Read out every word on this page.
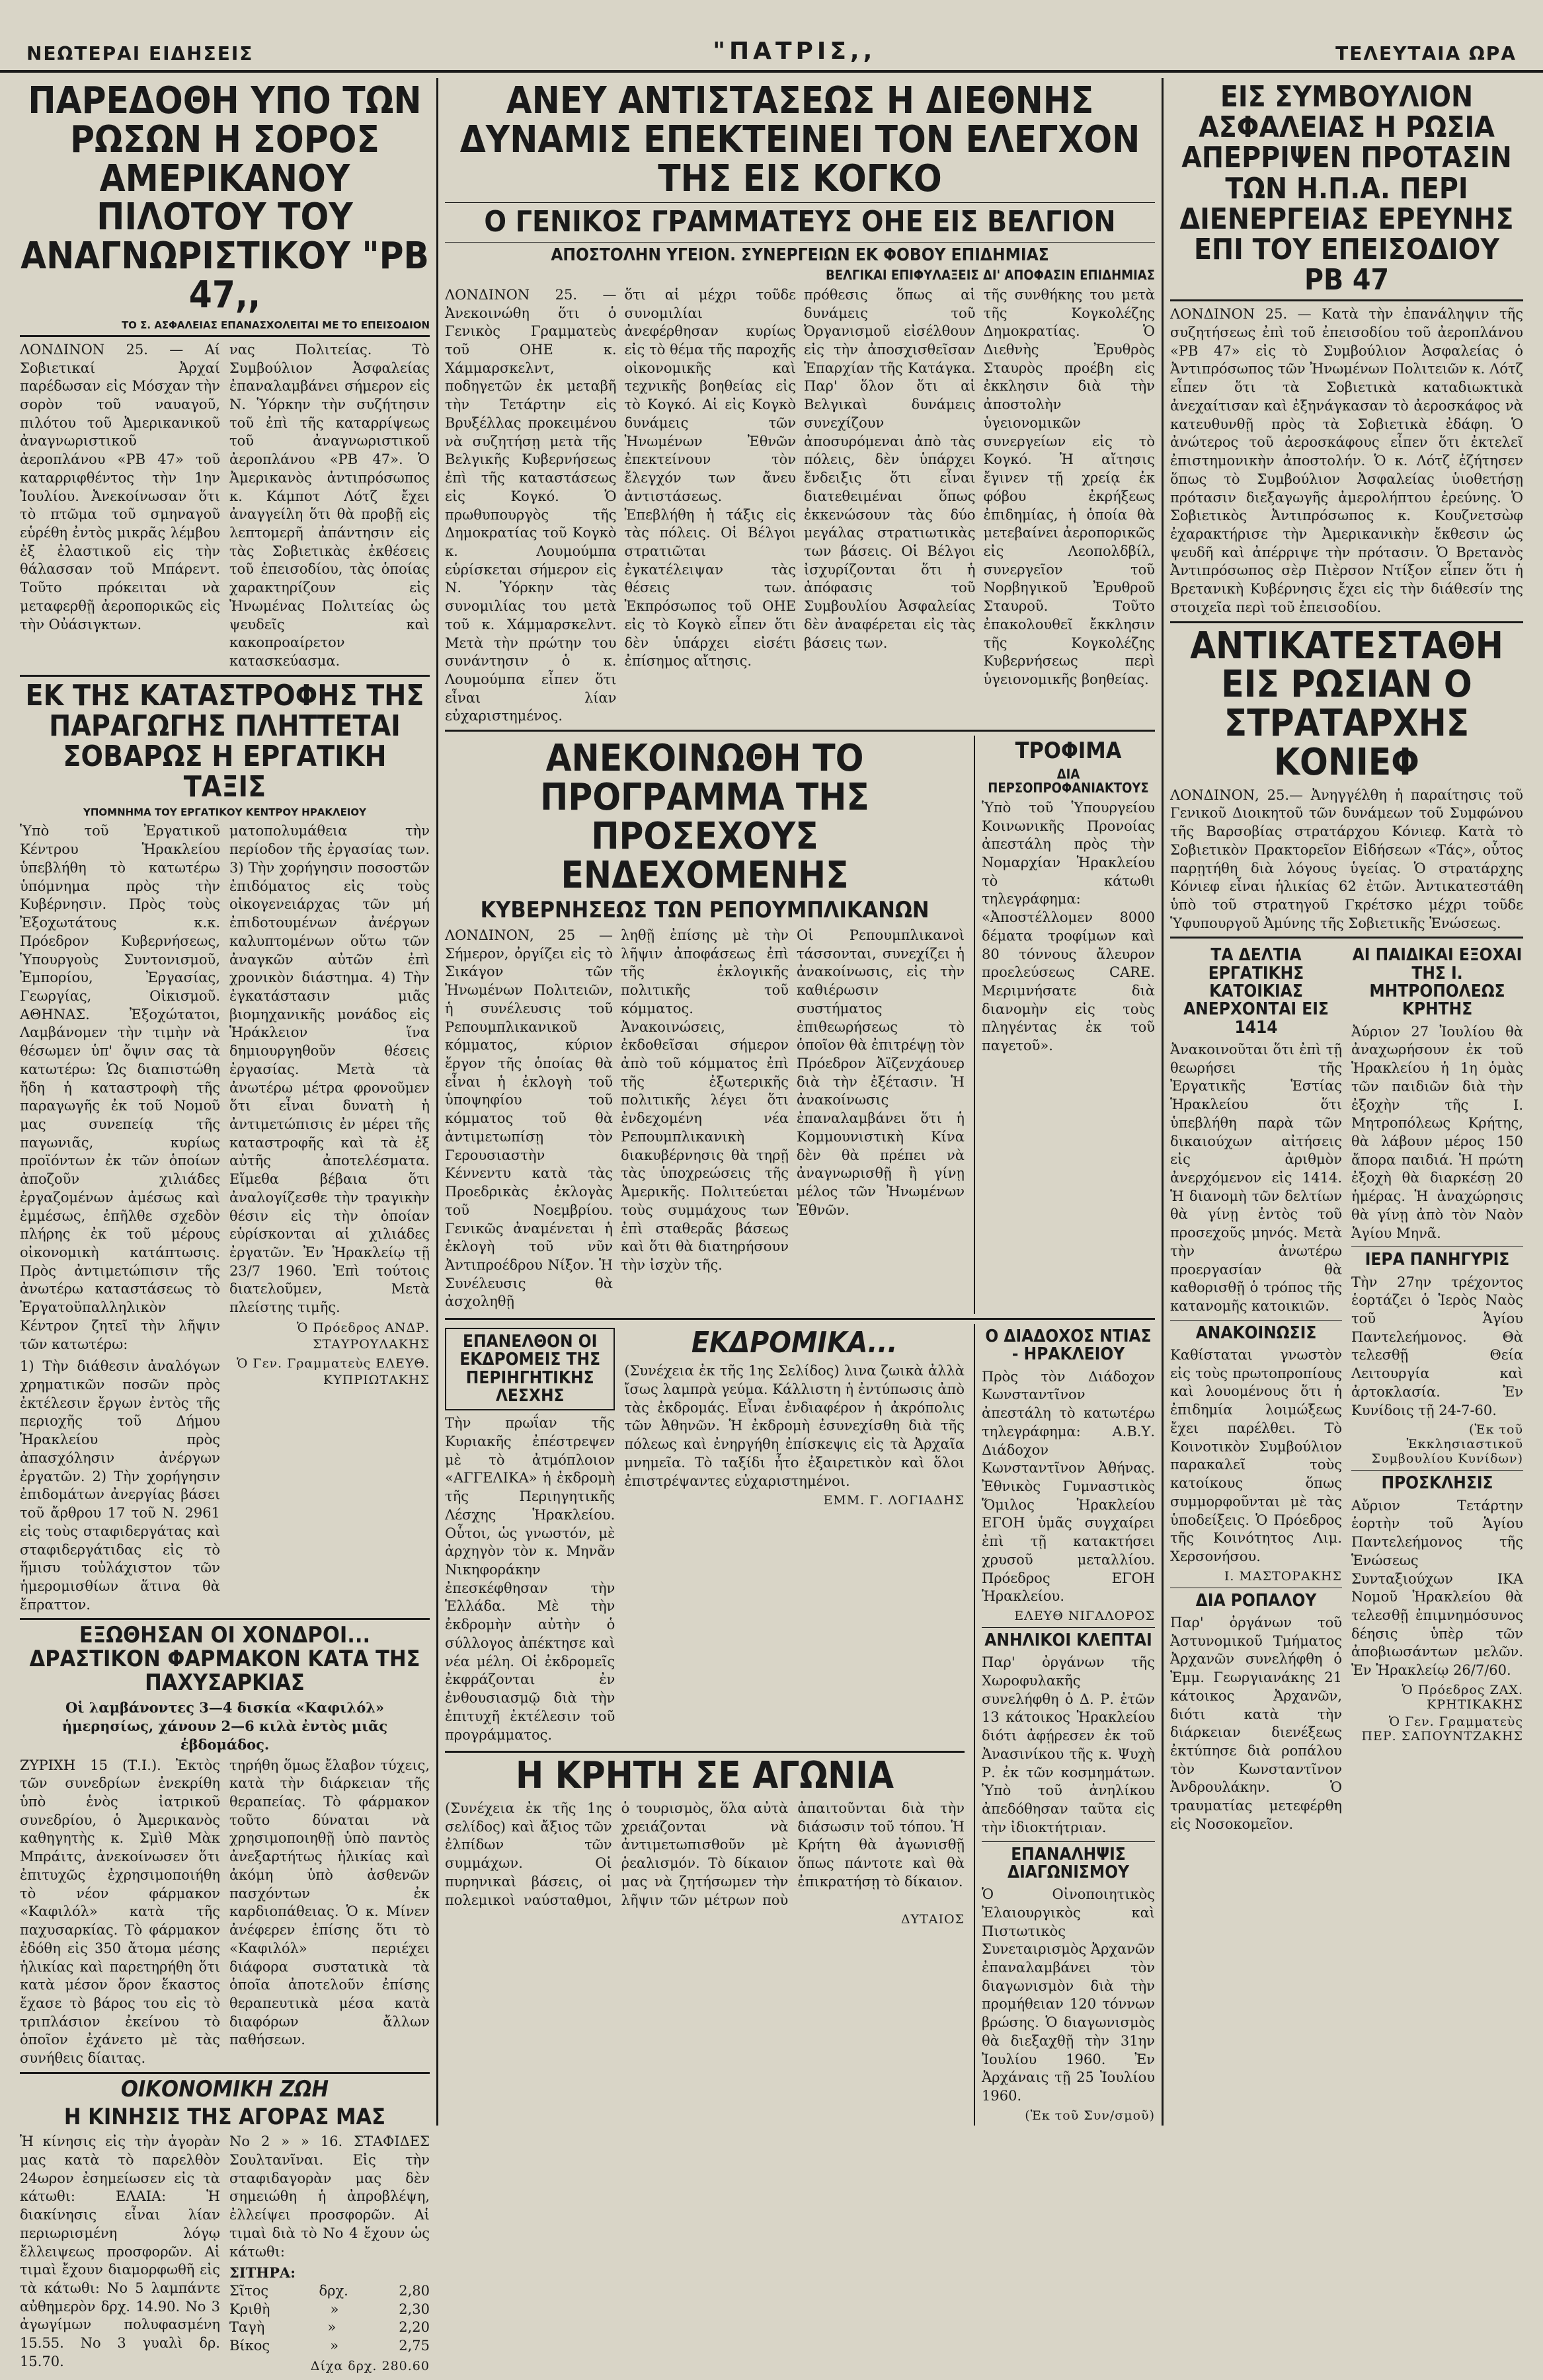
ΝΕΩΤΕΡΑΙ ΕΙΔΗΣΕΙΣ	"ΠΑΤΡΙΣ,,	ΤΕΛΕΥΤΑΙΑ ΩΡΑ
ΠΑΡΕΔΟΘΗ ΥΠΟ ΤΩΝ ΡΩΣΩΝ Η ΣΟΡΟΣ ΑΜΕΡΙΚΑΝΟΥ ΠΙΛΟΤΟΥ ΤΟΥ ΑΝΑΓΝΩΡΙΣΤΙΚΟΥ "ΡΒ 47,,
ΤΟ Σ. ΑΣΦΑΛΕΙΑΣ ΕΠΑΝΑΣΧΟΛΕΙΤΑΙ ΜΕ ΤΟ ΕΠΕΙΣΟΔΙΟΝ
ΛΟΝΔΙΝΟΝ 25. — Αί Σοβιετικαί Ἀρχαί παρέδωσαν εἰς Μόσχαν τὴν σορὸν τοῦ ναυαγοῦ, πιλότου τοῦ Ἀμερικανικοῦ ἀναγνωριστικοῦ ἀεροπλάνου «ΡΒ 47» τοῦ καταρριφθέντος τὴν 1ην Ἰουλίου. Ἀνεκοίνωσαν ὅτι τὸ πτῶμα τοῦ σμηναγοῦ εὑρέθη ἐντὸς μικρᾶς λέμβου ἐξ ἐλαστικοῦ εἰς τὴν θάλασσαν τοῦ Μπάρεντ. Τοῦτο πρόκειται νὰ μεταφερθῇ ἀεροπορικῶς εἰς τὴν Οὐάσιγκτων.
νας Πολιτείας. Τὸ Συμβούλιον Ἀσφαλείας ἐπαναλαμβάνει σήμερον εἰς Ν. Ὑόρκην τὴν συζήτησιν τοῦ ἐπὶ τῆς καταρρίψεως τοῦ ἀναγνωριστικοῦ ἀεροπλάνου «ΡΒ 47». Ὁ Ἀμερικανὸς ἀντιπρόσωπος κ. Κάμποτ Λότζ ἔχει ἀναγγείλη ὅτι θὰ προβῇ εἰς λεπτομερῆ ἀπάντησιν εἰς τὰς Σοβιετικὰς ἐκθέσεις τοῦ ἐπεισοδίου, τὰς ὁποίας χαρακτηρίζουν εἰς Ἠνωμένας Πολιτείας ὡς ψευδεῖς καὶ κακοπροαίρετον κατασκεύασμα.
ΕΚ ΤΗΣ ΚΑΤΑΣΤΡΟΦΗΣ ΤΗΣ ΠΑΡΑΓΩΓΗΣ ΠΛΗΤΤΕΤΑΙ ΣΟΒΑΡΩΣ Η ΕΡΓΑΤΙΚΗ ΤΑΞΙΣ
ΥΠΟΜΝΗΜΑ ΤΟΥ ΕΡΓΑΤΙΚΟΥ ΚΕΝΤΡΟΥ ΗΡΑΚΛΕΙΟΥ
Ὑπὸ τοῦ Ἐργατικοῦ Κέντρου Ἡρακλείου ὑπεβλήθη τὸ κατωτέρω ὑπόμνημα πρὸς τὴν Κυβέρνησιν. Πρὸς τοὺς Ἐξοχωτάτους κ.κ. Πρόεδρον Κυβερνήσεως, Ὑπουργοὺς Συντονισμοῦ, Ἐμπορίου, Ἐργασίας, Γεωργίας, Οἰκισμοῦ. ΑΘΗΝΑΣ. Ἐξοχώτατοι, Λαμβάνομεν τὴν τιμὴν νὰ θέσωμεν ὑπ' ὄψιν σας τὰ κατωτέρω: Ὡς διαπιστώθη ἤδη ἡ καταστροφὴ τῆς παραγωγῆς ἐκ τοῦ Νομοῦ μας συνεπείᾳ τῆς παγωνιᾶς, κυρίως προϊόντων ἐκ τῶν ὁποίων ἀποζοῦν χιλιάδες ἐργαζομένων ἀμέσως καὶ ἐμμέσως, ἐπῆλθε σχεδὸν πλήρης ἐκ τοῦ μέρους οἰκονομικὴ κατάπτωσις. Πρὸς ἀντιμετώπισιν τῆς ἀνωτέρω καταστάσεως τὸ Ἐργατοϋπαλληλικὸν Κέντρον ζητεῖ τὴν λῆψιν τῶν κατωτέρω:
1) Τὴν διάθεσιν ἀναλόγων χρηματικῶν ποσῶν πρὸς ἐκτέλεσιν ἔργων ἐντὸς τῆς περιοχῆς τοῦ Δήμου Ἡρακλείου πρὸς ἀπασχόλησιν ἀνέργων ἐργατῶν. 2) Τὴν χορήγησιν ἐπιδομάτων ἀνεργίας βάσει τοῦ ἄρθρου 17 τοῦ Ν. 2961 εἰς τοὺς σταφιδεργάτας καὶ σταφιδεργάτιδας εἰς τὸ ἥμισυ τοὐλάχιστον τῶν ἡμερομισθίων ἅτινα θὰ ἔπραττον.
ματοπολυμάθεια τὴν περίοδον τῆς ἐργασίας των. 3) Τὴν χορήγησιν ποσοστῶν ἐπιδόματος εἰς τοὺς οἰκογενειάρχας τῶν μή ἐπιδοτουμένων ἀνέργων καλυπτομένων οὕτω τῶν ἀναγκῶν αὐτῶν ἐπὶ χρονικὸν διάστημα. 4) Τὴν ἐγκατάστασιν μιᾶς βιομηχανικῆς μονάδος εἰς Ἡράκλειον ἵνα δημιουργηθοῦν θέσεις ἐργασίας. Μετὰ τὰ ἀνωτέρω μέτρα φρονοῦμεν ὅτι εἶναι δυνατὴ ἡ ἀντιμετώπισις ἐν μέρει τῆς καταστροφῆς καὶ τὰ ἐξ αὐτῆς ἀποτελέσματα. Εἴμεθα βέβαια ὅτι ἀναλογίζεσθε τὴν τραγικὴν θέσιν εἰς τὴν ὁποίαν εὑρίσκονται αἱ χιλιάδες ἐργατῶν. Ἐν Ἡρακλείῳ τῇ 23/7 1960. Ἐπὶ τούτοις διατελοῦμεν, Μετὰ πλείστης τιμῆς.
Ὁ Πρόεδρος ΑΝΔΡ. ΣΤΑΥΡΟΥΛΑΚΗΣ
Ὁ Γεν. Γραμματεὺς ΕΛΕΥΘ. ΚΥΠΡΙΩΤΑΚΗΣ
ΕΞΩΘΗΣΑΝ ΟΙ ΧΟΝΔΡΟΙ... ΔΡΑΣΤΙΚΟΝ ΦΑΡΜΑΚΟΝ ΚΑΤΑ ΤΗΣ ΠΑΧΥΣΑΡΚΙΑΣ
Οἱ λαμβάνοντες 3—4 δισκία «Καφιλόλ» ἡμερησίως, χάνουν 2—6 κιλὰ ἐντὸς μιᾶς ἑβδομάδος.
ΖΥΡΙΧΗ 15 (Τ.Ι.). Ἐκτὸς τῶν συνεδρίων ἐνεκρίθη ὑπὸ ἑνὸς ἰατρικοῦ συνεδρίου, ὁ Ἀμερικανὸς καθηγητὴς κ. Σμὶθ Μὰκ Μπράιτς, ἀνεκοίνωσεν ὅτι ἐπιτυχῶς ἐχρησιμοποιήθη τὸ νέον φάρμακον «Καφιλόλ» κατὰ τῆς παχυσαρκίας. Τὸ φάρμακον ἐδόθη εἰς 350 ἄτομα μέσης ἡλικίας καὶ παρετηρήθη ὅτι κατὰ μέσον ὅρον ἕκαστος ἔχασε τὸ βάρος του εἰς τὸ τριπλάσιον ἐκείνου τὸ ὁποῖον ἐχάνετο μὲ τὰς συνήθεις δίαιτας.
τηρήθη ὅμως ἔλαβον τύχεις, κατὰ τὴν διάρκειαν τῆς θεραπείας. Τὸ φάρμακον τοῦτο δύναται νὰ χρησιμοποιηθῇ ὑπὸ παντὸς ἀνεξαρτήτως ἡλικίας καὶ ἀκόμη ὑπὸ ἀσθενῶν πασχόντων ἐκ καρδιοπάθειας. Ὁ κ. Μίνεν ἀνέφερεν ἐπίσης ὅτι τὸ «Καφιλόλ» περιέχει διάφορα συστατικὰ τὰ ὁποῖα ἀποτελοῦν ἐπίσης θεραπευτικὰ μέσα κατὰ διαφόρων ἄλλων παθήσεων.
ΟΙΚΟΝΟΜΙΚΗ ΖΩΗ
Η ΚΙΝΗΣΙΣ ΤΗΣ ΑΓΟΡΑΣ ΜΑΣ
Ἡ κίνησις εἰς τὴν ἀγορὰν μας κατὰ τὸ παρελθὸν 24ωρον ἐσημείωσεν εἰς τὰ κάτωθι: ΕΛΑΙΑ: Ἡ διακίνησις εἶναι λίαν περιωρισμένη λόγῳ ἔλλειψεως προσφορῶν. Αἱ τιμαὶ ἔχουν διαμορφωθῆ εἰς τὰ κάτωθι: Νο 5 λαμπάντε αὐθημερὸν δρχ. 14.90. Νο 3 ἀγωγίμων πολυφασμένη 15.55. Νο 3 γυαλὶ δρ. 15.70.
Νο 2 » » 16. ΣΤΑΦΙΔΕΣ Σουλτανῖναι. Εἰς τὴν σταφιδαγορὰν μας δὲν σημειώθη ἡ ἀπροβλέψη, ἐλλείψει προσφορῶν. Αἱ τιμαὶ διὰ τὸ Νο 4 ἔχουν ὡς κάτωθι:
ΣΙΤΗΡΑ:
Σῖτος	δρχ.	2,80
Κριθὴ	»	2,30
Ταγὴ	»	2,20
Βίκος	»	2,75
Δίχα δρχ. 280.60
ΑΝΕΥ ΑΝΤΙΣΤΑΣΕΩΣ Η ΔΙΕΘΝΗΣ ΔΥΝΑΜΙΣ ΕΠΕΚΤΕΙΝΕΙ ΤΟΝ ΕΛΕΓΧΟΝ ΤΗΣ ΕΙΣ ΚΟΓΚΟ
Ο ΓΕΝΙΚΟΣ ΓΡΑΜΜΑΤΕΥΣ ΟΗΕ ΕΙΣ ΒΕΛΓΙΟΝ
ΑΠΟΣΤΟΛΗΝ ΥΓΕΙΟΝ. ΣΥΝΕΡΓΕΙΩΝ ΕΚ ΦΟΒΟΥ ΕΠΙΔΗΜΙΑΣ
ΒΕΛΓΙΚΑΙ ΕΠΙΦΥΛΑΞΕΙΣ ΔΙ' ΑΠΟΦΑΣΙΝ ΕΠΙΔΗΜΙΑΣ
ΛΟΝΔΙΝΟΝ 25. — Ἀνεκοινώθη ὅτι ὁ Γενικὸς Γραμματεὺς τοῦ ΟΗΕ κ. Χάμμαρσκελντ, ποδηγετῶν ἐκ μεταβῆ τὴν Τετάρτην εἰς Βρυξέλλας προκειμένου νὰ συζητήσῃ μετὰ τῆς Βελγικῆς Κυβερνήσεως ἐπὶ τῆς καταστάσεως εἰς Κογκό. Ὁ πρωθυπουργὸς τῆς Δημοκρατίας τοῦ Κογκὸ κ. Λουμούμπα εὑρίσκεται σήμερον εἰς Ν. Ὑόρκην τὰς συνομιλίας του μετὰ τοῦ κ. Χάμμαρσκελντ. Μετὰ τὴν πρώτην του συνάντησιν ὁ κ. Λουμούμπα εἶπεν ὅτι εἶναι λίαν εὐχαριστημένος.
ὅτι αἱ μέχρι τοῦδε συνομιλίαι ἀνεφέρθησαν κυρίως εἰς τὸ θέμα τῆς παροχῆς οἰκονομικῆς καὶ τεχνικῆς βοηθείας εἰς τὸ Κογκό. Αἱ εἰς Κογκὸ δυνάμεις τῶν Ἠνωμένων Ἐθνῶν ἐπεκτείνουν τὸν ἔλεγχόν των ἄνευ ἀντιστάσεως. Ἐπεβλήθη ἡ τάξις εἰς τὰς πόλεις. Οἱ Βέλγοι στρατιῶται ἐγκατέλειψαν τὰς θέσεις των. Ἐκπρόσωπος τοῦ ΟΗΕ εἰς τὸ Κογκὸ εἶπεν ὅτι δὲν ὑπάρχει εἰσέτι ἐπίσημος αἴτησις.
πρόθεσις ὅπως αἱ δυνάμεις τοῦ Ὀργανισμοῦ εἰσέλθουν εἰς τὴν ἀποσχισθεῖσαν Ἐπαρχίαν τῆς Κατάγκα. Παρ' ὅλον ὅτι αἱ Βελγικαὶ δυνάμεις συνεχίζουν ἀποσυρόμεναι ἀπὸ τὰς πόλεις, δὲν ὑπάρχει ἔνδειξις ὅτι εἶναι διατεθειμέναι ὅπως ἐκκενώσουν τὰς δύο μεγάλας στρατιωτικὰς των βάσεις. Οἱ Βέλγοι ἰσχυρίζονται ὅτι ἡ ἀπόφασις τοῦ Συμβουλίου Ἀσφαλείας δὲν ἀναφέρεται εἰς τὰς βάσεις των.
τῆς συνθήκης του μετὰ τῆς Κογκολέζης Δημοκρατίας. Ὁ Διεθνὴς Ἐρυθρὸς Σταυρὸς προέβη εἰς ἐκκλησιν διὰ τὴν ἀποστολὴν ὑγειονομικῶν συνεργείων εἰς τὸ Κογκό. Ἡ αἴτησις ἔγινεν τῇ χρείᾳ ἐκ φόβου ἐκρήξεως ἐπιδημίας, ἡ ὁποία θὰ μετεβαίνει ἀεροπορικῶς εἰς Λεοπολδβίλ, συνεργεῖον τοῦ Νορβηγικοῦ Ἐρυθροῦ Σταυροῦ. Τοῦτο ἐπακολουθεῖ ἔκκλησιν τῆς Κογκολέζης Κυβερνήσεως περὶ ὑγειονομικῆς βοηθείας.
ΑΝΕΚΟΙΝΩΘΗ ΤΟ ΠΡΟΓΡΑΜΜΑ ΤΗΣ ΠΡΟΣΕΧΟΥΣ ΕΝΔΕΧΟΜΕΝΗΣ
ΚΥΒΕΡΝΗΣΕΩΣ ΤΩΝ ΡΕΠΟΥΜΠΛΙΚΑΝΩΝ
ΛΟΝΔΙΝΟΝ, 25 — Σήμερον, ὀργίζει εἰς τὸ Σικάγον τῶν Ἠνωμένων Πολιτειῶν, ἡ συνέλευσις τοῦ Ρεπουμπλικανικοῦ κόμματος, κύριον ἔργον τῆς ὁποίας θὰ εἶναι ἡ ἐκλογὴ τοῦ ὑποψηφίου τοῦ κόμματος τοῦ θὰ ἀντιμετωπίσῃ τὸν Γερουσιαστὴν Κέννεντυ κατὰ τὰς Προεδρικὰς ἐκλογὰς τοῦ Νοεμβρίου. Γενικῶς ἀναμένεται ἡ ἐκλογὴ τοῦ νῦν Ἀντιπροέδρου Νίξον. Ἡ Συνέλευσις θὰ ἀσχοληθῇ
ληθῇ ἐπίσης μὲ τὴν λῆψιν ἀποφάσεως ἐπὶ τῆς ἐκλογικῆς πολιτικῆς τοῦ κόμματος. Ἀνακοινώσεις, ἐκδοθεῖσαι σήμερον ἀπὸ τοῦ κόμματος ἐπὶ τῆς ἐξωτερικῆς πολιτικῆς λέγει ὅτι ἐνδεχομένη νέα Ρεπουμπλικανικὴ διακυβέρνησις θὰ τηρῇ τὰς ὑποχρεώσεις τῆς Ἀμερικῆς. Πολιτεύεται τοὺς συμμάχους των ἐπὶ σταθερᾶς βάσεως καὶ ὅτι θὰ διατηρήσουν τὴν ἰσχὺν τῆς.
Οἱ Ρεπουμπλικανοὶ τάσσονται, συνεχίζει ἡ ἀνακοίνωσις, εἰς τὴν καθιέρωσιν συστήματος ἐπιθεωρήσεως τὸ ὁποῖον θὰ ἐπιτρέψῃ τὸν Πρόεδρον Ἀϊζενχάουερ διὰ τὴν ἐξέτασιν. Ἡ ἀνακοίνωσις ἐπαναλαμβάνει ὅτι ἡ Κομμουνιστικὴ Κίνα δὲν θὰ πρέπει νὰ ἀναγνωρισθῇ ἢ γίνῃ μέλος τῶν Ἠνωμένων Ἐθνῶν.
ΤΡΟΦΙΜΑ
ΔΙΑ ΠΕΡΣΟΠΡΟΦΑΝΙΑΚΤΟΥΣ
Ὑπὸ τοῦ Ὑπουργείου Κοινωνικῆς Προνοίας ἀπεστάλη πρὸς τὴν Νομαρχίαν Ἡρακλείου τὸ κάτωθι τηλεγράφημα: «Ἀποστέλλομεν 8000 δέματα τροφίμων καὶ 80 τόννους ἄλευρον προελεύσεως CARE. Μεριμνήσατε διὰ διανομὴν εἰς τοὺς πληγέντας ἐκ τοῦ παγετοῦ».
ΕΠΑΝΕΛΘΟΝ ΟΙ ΕΚΔΡΟΜΕΙΣ ΤΗΣ ΠΕΡΙΗΓΗΤΙΚΗΣ ΛΕΣΧΗΣ
Τὴν πρωΐαν τῆς Κυριακῆς ἐπέστρεψεν μὲ τὸ ἀτμόπλοιον «ΑΓΓΕΛΙΚΑ» ἡ ἐκδρομὴ τῆς Περιηγητικῆς Λέσχης Ἡρακλείου. Οὗτοι, ὡς γνωστόν, μὲ ἀρχηγὸν τὸν κ. Μηνᾶν Νικηφοράκην ἐπεσκέφθησαν τὴν Ἑλλάδα. Μὲ τὴν ἐκδρομὴν αὐτὴν ὁ σύλλογος ἀπέκτησε καὶ νέα μέλη. Οἱ ἐκδρομεῖς ἐκφράζονται ἐν ἐνθουσιασμῷ διὰ τὴν ἐπιτυχῆ ἐκτέλεσιν τοῦ προγράμματος.
ΕΚΔΡΟΜΙΚΑ...
(Συνέχεια ἐκ τῆς 1ης Σελίδος) λινα ζωικὰ ἀλλὰ ἴσως λαμπρὰ γεύμα. Κάλλιστη ἡ ἐντύπωσις ἀπὸ τὰς ἐκδρομάς. Εἶναι ἐνδιαφέρον ἡ ἀκρόπολις τῶν Ἀθηνῶν. Ἡ ἐκδρομὴ ἐσυνεχίσθη διὰ τῆς πόλεως καὶ ἐνηργήθη ἐπίσκεψις εἰς τὰ Ἀρχαῖα μνημεῖα. Τὸ ταξίδι ἦτο ἐξαιρετικὸν καὶ ὅλοι ἐπιστρέψαντες εὐχαριστημένοι.
ΕΜΜ. Γ. ΛΟΓΙΑΔΗΣ
Η ΚΡΗΤΗ ΣΕ ΑΓΩΝΙΑ
(Συνέχεια ἐκ τῆς 1ης σελίδος) καὶ ἄξιος τῶν ἐλπίδων τῶν συμμάχων. Οἱ πυρηνικαὶ βάσεις, οἱ πολεμικοὶ ναύσταθμοι, ὁ τουρισμὸς, ὅλα αὐτὰ χρειάζονται νὰ ἀντιμετωπισθοῦν μὲ ῥεαλισμόν. Τὸ δίκαιον μας νὰ ζητήσωμεν τὴν λῆψιν τῶν μέτρων ποὺ ἀπαιτοῦνται διὰ τὴν διάσωσιν τοῦ τόπου. Ἡ Κρήτη θὰ ἀγωνισθῇ ὅπως πάντοτε καὶ θὰ ἐπικρατήσῃ τὸ δίκαιον.
ΔΥΤΑΙΟΣ
Ο ΔΙΑΔΟΧΟΣ ΝΤΙΑΣ - ΗΡΑΚΛΕΙΟΥ
Πρὸς τὸν Διάδοχον Κωνσταντῖνον ἀπεστάλη τὸ κατωτέρω τηλεγράφημα: Α.Β.Υ. Διάδοχον Κωνσταντῖνον Ἀθήνας. Ἐθνικὸς Γυμναστικὸς Ὅμιλος Ἡρακλείου ΕΓΟΗ ὑμᾶς συγχαίρει ἐπὶ τῇ κατακτήσει χρυσοῦ μεταλλίου. Πρόεδρος ΕΓΟΗ Ἡρακλείου.
ΕΛΕΥΘ ΝΙΓΑΛΟΡΟΣ
ΑΝΗΛΙΚΟΙ ΚΛΕΠΤΑΙ
Παρ' ὀργάνων τῆς Χωροφυλακῆς συνελήφθη ὁ Δ. Ρ. ἐτῶν 13 κάτοικος Ἡρακλείου διότι ἀφῄρεσεν ἐκ τοῦ Ἀνασινίκου τῆς κ. Ψυχὴ Ρ. ἐκ τῶν κοσμημάτων. Ὑπὸ τοῦ ἀνηλίκου ἀπεδόθησαν ταῦτα εἰς τὴν ἰδιοκτήτριαν.
ΕΠΑΝΑΛΗΨΙΣ ΔΙΑΓΩΝΙΣΜΟΥ
Ὁ Οἰνοποιητικὸς Ἐλαιουργικὸς καὶ Πιστωτικὸς Συνεταιρισμὸς Ἀρχανῶν ἐπαναλαμβάνει τὸν διαγωνισμὸν διὰ τὴν προμήθειαν 120 τόννων βρώσης. Ὁ διαγωνισμὸς θὰ διεξαχθῇ τὴν 31ην Ἰουλίου 1960. Ἐν Ἀρχάναις τῇ 25 Ἰουλίου 1960.
(Ἐκ τοῦ Συν/σμοῦ)
ΕΙΣ ΣΥΜΒΟΥΛΙΟΝ ΑΣΦΑΛΕΙΑΣ Η ΡΩΣΙΑ ΑΠΕΡΡΙΨΕΝ ΠΡΟΤΑΣΙΝ ΤΩΝ Η.Π.Α. ΠΕΡΙ ΔΙΕΝΕΡΓΕΙΑΣ ΕΡΕΥΝΗΣ ΕΠΙ ΤΟΥ ΕΠΕΙΣΟΔΙΟΥ ΡΒ 47
ΛΟΝΔΙΝΟΝ 25. — Κατὰ τὴν ἐπανάληψιν τῆς συζητήσεως ἐπὶ τοῦ ἐπεισοδίου τοῦ ἀεροπλάνου «ΡΒ 47» εἰς τὸ Συμβούλιον Ἀσφαλείας ὁ Ἀντιπρόσωπος τῶν Ἠνωμένων Πολιτειῶν κ. Λότζ εἶπεν ὅτι τὰ Σοβιετικὰ καταδιωκτικὰ ἀνεχαίτισαν καὶ ἐξηνάγκασαν τὸ ἀεροσκάφος νὰ κατευθυνθῇ πρὸς τὰ Σοβιετικὰ ἐδάφη. Ὁ ἀνώτερος τοῦ ἀεροσκάφους εἶπεν ὅτι ἐκτελεῖ ἐπιστημονικὴν ἀποστολήν. Ὁ κ. Λότζ ἐζήτησεν ὅπως τὸ Συμβούλιον Ἀσφαλείας ὑιοθετήσῃ πρότασιν διεξαγωγῆς ἀμερολήπτου ἐρεύνης. Ὁ Σοβιετικὸς Ἀντιπρόσωπος κ. Κουζνετσὼφ ἐχαρακτήρισε τὴν Ἀμερικανικὴν ἔκθεσιν ὡς ψευδῆ καὶ ἀπέρριψε τὴν πρότασιν. Ὁ Βρετανὸς Ἀντιπρόσωπος σὲρ Πιὲρσον Ντίξον εἶπεν ὅτι ἡ Βρετανικὴ Κυβέρνησις ἔχει εἰς τὴν διάθεσίν της στοιχεῖα περὶ τοῦ ἐπεισοδίου.
ΑΝΤΙΚΑΤΕΣΤΑΘΗ ΕΙΣ ΡΩΣΙΑΝ Ο ΣΤΡΑΤΑΡΧΗΣ ΚΟΝΙΕΦ
ΛΟΝΔΙΝΟΝ, 25.— Ἀνηγγέλθη ἡ παραίτησις τοῦ Γενικοῦ Διοικητοῦ τῶν δυνάμεων τοῦ Συμφώνου τῆς Βαρσοβίας στρατάρχου Κόνιεφ. Κατὰ τὸ Σοβιετικὸν Πρακτορεῖον Εἰδήσεων «Τάς», οὗτος παρῃτήθη διὰ λόγους ὑγείας. Ὁ στρατάρχης Κόνιεφ εἶναι ἡλικίας 62 ἐτῶν. Ἀντικατεστάθη ὑπὸ τοῦ στρατηγοῦ Γκρέτσκο μέχρι τοῦδε Ὑφυπουργοῦ Ἀμύνης τῆς Σοβιετικῆς Ἑνώσεως.
ΤΑ ΔΕΛΤΙΑ ΕΡΓΑΤΙΚΗΣ ΚΑΤΟΙΚΙΑΣ ΑΝΕΡΧΟΝΤΑΙ ΕΙΣ 1414
Ἀνακοινοῦται ὅτι ἐπὶ τῇ θεωρήσει τῆς Ἐργατικῆς Ἑστίας Ἡρακλείου ὅτι ὑπεβλήθη παρὰ τῶν δικαιούχων αἰτήσεις εἰς ἀριθμὸν ἀνερχόμενον εἰς 1414. Ἡ διανομὴ τῶν δελτίων θὰ γίνῃ ἐντὸς τοῦ προσεχοῦς μηνός. Μετὰ τὴν ἀνωτέρω προεργασίαν θὰ καθορισθῇ ὁ τρόπος τῆς κατανομῆς κατοικιῶν.
ΑΝΑΚΟΙΝΩΣΙΣ
Καθίσταται γνωστὸν εἰς τοὺς πρωτοπροπίους καὶ λουομένους ὅτι ἡ ἐπιδημία λοιμώξεως ἔχει παρέλθει. Τὸ Κοινοτικὸν Συμβούλιον παρακαλεῖ τοὺς κατοίκους ὅπως συμμορφοῦνται μὲ τὰς ὑποδείξεις. Ὁ Πρόεδρος τῆς Κοινότητος Λιμ. Χερσονήσου.
Ι. ΜΑΣΤΟΡΑΚΗΣ
ΔΙΑ ΡΟΠΑΛΟΥ
Παρ' ὀργάνων τοῦ Ἀστυνομικοῦ Τμήματος Ἀρχανῶν συνελήφθη ὁ Ἐμμ. Γεωργιανάκης 21 κάτοικος Ἀρχανῶν, διότι κατὰ τὴν διάρκειαν διενέξεως ἐκτύπησε διὰ ροπάλου τὸν Κωνσταντῖνον Ἀνδρουλάκην. Ὁ τραυματίας μετεφέρθη εἰς Νοσοκομεῖον.
ΑΙ ΠΑΙΔΙΚΑΙ ΕΞΟΧΑΙ ΤΗΣ Ι. ΜΗΤΡΟΠΟΛΕΩΣ ΚΡΗΤΗΣ
Ἀύριον 27 Ἰουλίου θὰ ἀναχωρήσουν ἐκ τοῦ Ἡρακλείου ἡ 1η ὁμὰς τῶν παιδιῶν διὰ τὴν ἐξοχὴν τῆς Ι. Μητροπόλεως Κρήτης, θὰ λάβουν μέρος 150 ἄπορα παιδιά. Ἡ πρώτη ἐξοχὴ θὰ διαρκέσῃ 20 ἡμέρας. Ἡ ἀναχώρησις θὰ γίνῃ ἀπὸ τὸν Ναὸν Ἁγίου Μηνᾶ.
ΙΕΡΑ ΠΑΝΗΓΥΡΙΣ
Τὴν 27ην τρέχοντος ἑορτάζει ὁ Ἱερὸς Ναὸς τοῦ Ἁγίου Παντελεήμονος. Θὰ τελεσθῇ Θεία Λειτουργία καὶ ἀρτοκλασία. Ἐν Κυνίδοις τῇ 24-7-60.
(Ἐκ τοῦ Ἐκκλησιαστικοῦ Συμβουλίου Κυνίδων)
ΠΡΟΣΚΛΗΣΙΣ
Αὔριον Τετάρτην ἑορτὴν τοῦ Ἁγίου Παντελεήμονος τῆς Ἑνώσεως Συνταξιούχων ΙΚΑ Νομοῦ Ἡρακλείου θὰ τελεσθῇ ἐπιμνημόσυνος δέησις ὑπὲρ τῶν ἀποβιωσάντων μελῶν. Ἐν Ἡρακλείῳ 26/7/60.
Ὁ Πρόεδρος ΖΑΧ. ΚΡΗΤΙΚΑΚΗΣ
Ὁ Γεν. Γραμματεὺς ΠΕΡ. ΣΑΠΟΥΝΤΖΑΚΗΣ
